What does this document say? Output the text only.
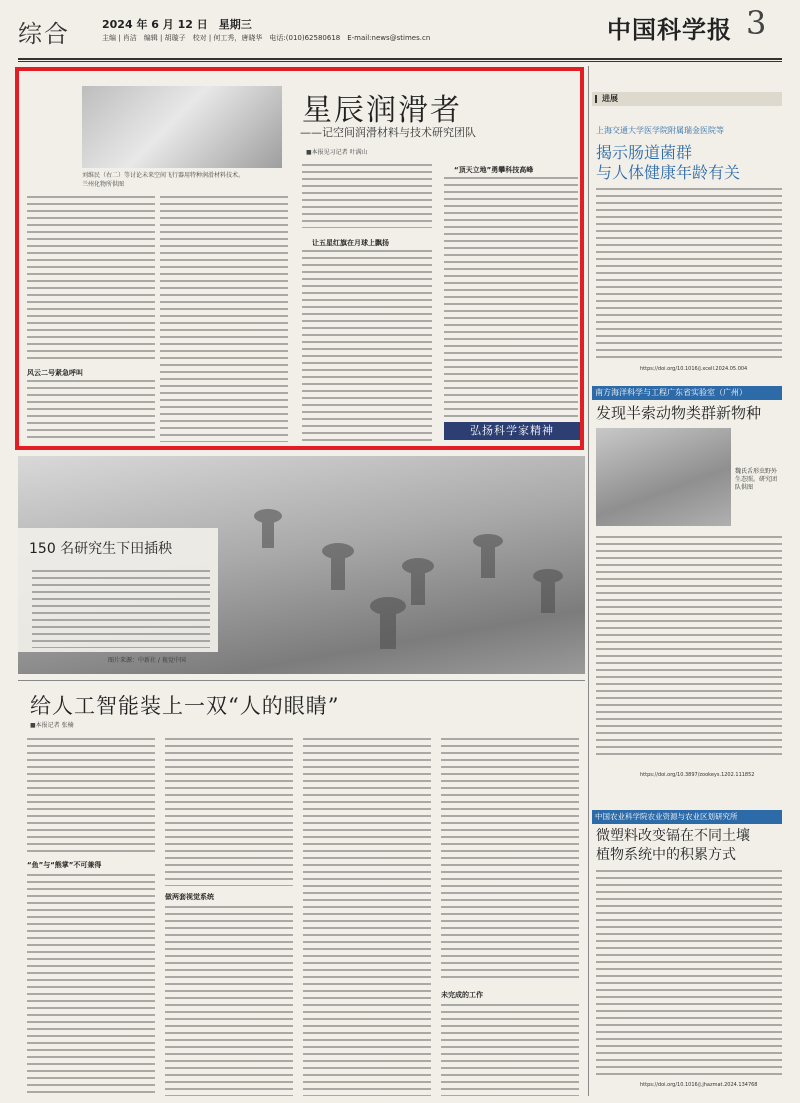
综合	2024 年 6 月 12 日　星期三
主编 | 肖洁　编辑 | 胡璇子　校对 | 何工秀，唐晓华　电话:(010)62580618　E-mail:news@stimes.cn	中国科学报 3
刘维民（右二）等讨论未来空间飞行器用特种润滑材料技术。
兰州化物所供图
星辰润滑者
——记空间润滑材料与技术研究团队
■本报见习记者 叶满山
风云二号紧急呼叫
让五星红旗在月球上飘扬
“顶天立地”勇攀科技高峰
弘扬科学家精神
150 名研究生下田插秧
图片来源：中新社 / 视觉中国
给人工智能装上一双“人的眼睛”
■本报记者 张楠
“鱼”与“熊掌”不可兼得
做两套视觉系统
未完成的工作
进展
上海交通大学医学院附属瑞金医院等
揭示肠道菌群
与人体健康年龄有关
https://doi.org/10.1016/j.xcell.2024.05.004
南方海洋科学与工程广东省实验室（广州）
发现半索动物类群新物种
魏氏舌形虫野外生态照。研究团队供图
https://doi.org/10.3897/zookeys.1202.111852
中国农业科学院农业资源与农业区划研究所
微塑料改变镉在不同土壤
植物系统中的积累方式
https://doi.org/10.1016/j.jhazmat.2024.134768
